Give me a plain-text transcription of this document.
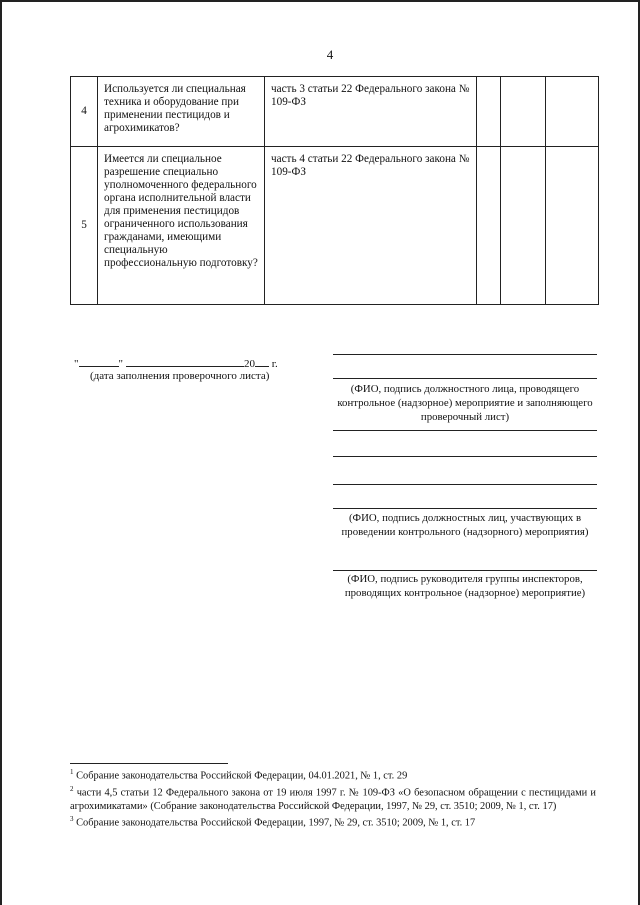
4
4	Используется ли специальная техника и оборудование при применении пестицидов и агрохимикатов?	часть 3 статьи 22 Федерального закона № 109-ФЗ			
5	Имеется ли специальное разрешение специально уполномоченного федерального органа исполнительной власти для применения пестицидов ограниченного использования гражданами, имеющими специальную профессиональную подготовку?	часть 4 статьи 22 Федерального закона № 109-ФЗ			
"	"	20 г.
(дата заполнения проверочного листа)
(ФИО, подпись должностного лица, проводящего контрольное (надзорное) мероприятие и заполняющего проверочный лист)
(ФИО, подпись должностных лиц, участвующих в проведении контрольного (надзорного) мероприятия)
(ФИО, подпись руководителя группы инспекторов, проводящих контрольное (надзорное) мероприятие)

$^1$ Собрание законодательства Российской Федерации, 04.01.2021, № 1, ст. 29

$^2$ части 4,5 статьи 12 Федерального закона от 19 июля 1997 г. № 109-ФЗ «О безопасном обращении с пестицидами и агрохимикатами» (Собрание законодательства Российской Федерации, 1997, № 29, ст. 3510; 2009, № 1, ст. 17)

$^3$ Собрание законодательства Российской Федерации, 1997, № 29, ст. 3510; 2009, № 1, ст. 17
